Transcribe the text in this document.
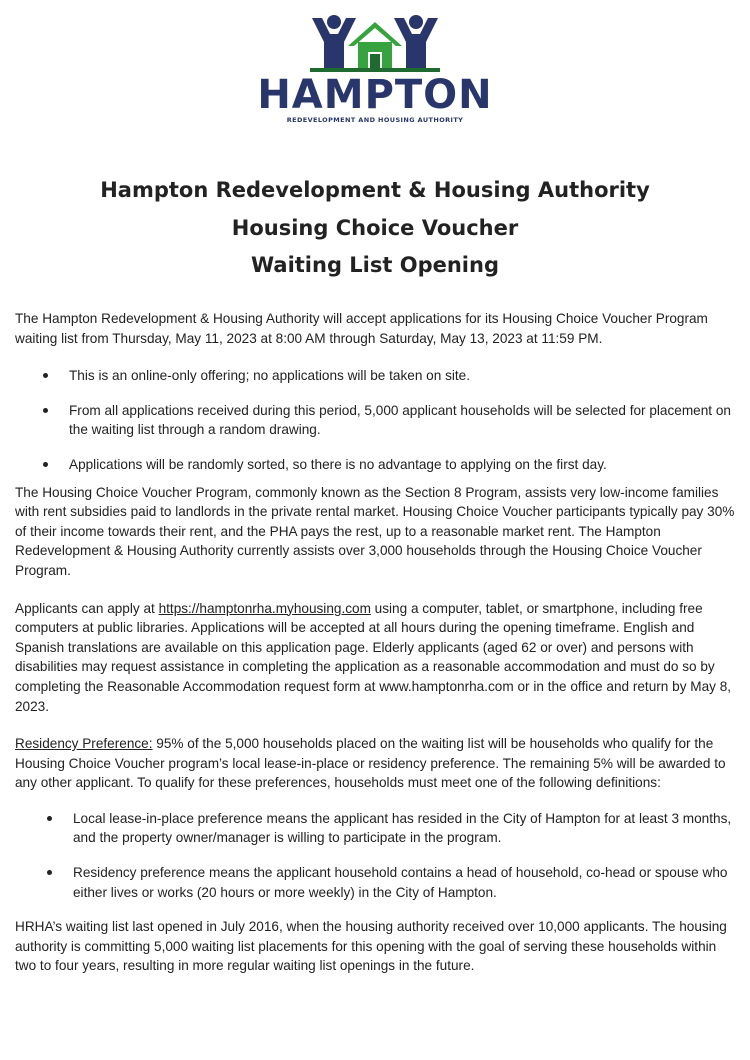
HAMPTON
REDEVELOPMENT AND HOUSING AUTHORITY
Hampton Redevelopment & Housing Authority
Housing Choice Voucher
Waiting List Opening

The Hampton Redevelopment & Housing Authority will accept applications for its Housing Choice Voucher Program waiting list from Thursday, May 11, 2023 at 8:00 AM through Saturday, May 13, 2023 at 11:59 PM.

This is an online-only offering; no applications will be taken on site.
From all applications received during this period, 5,000 applicant households will be selected for placement on the waiting list through a random drawing.
Applications will be randomly sorted, so there is no advantage to applying on the first day.

The Housing Choice Voucher Program, commonly known as the Section 8 Program, assists very low-income families with rent subsidies paid to landlords in the private rental market. Housing Choice Voucher participants typically pay 30% of their income towards their rent, and the PHA pays the rest, up to a reasonable market rent. The Hampton Redevelopment & Housing Authority currently assists over 3,000 households through the Housing Choice Voucher Program.

Applicants can apply at https://hamptonrha.myhousing.com using a computer, tablet, or smartphone, including free computers at public libraries. Applications will be accepted at all hours during the opening timeframe. English and Spanish translations are available on this application page. Elderly applicants (aged 62 or over) and persons with disabilities may request assistance in completing the application as a reasonable accommodation and must do so by completing the Reasonable Accommodation request form at www.hamptonrha.com or in the office and return by May 8, 2023.

Residency Preference: 95% of the 5,000 households placed on the waiting list will be households who qualify for the Housing Choice Voucher program’s local lease-in-place or residency preference. The remaining 5% will be awarded to any other applicant. To qualify for these preferences, households must meet one of the following definitions:

Local lease-in-place preference means the applicant has resided in the City of Hampton for at least 3 months, and the property owner/manager is willing to participate in the program.
Residency preference means the applicant household contains a head of household, co-head or spouse who either lives or works (20 hours or more weekly) in the City of Hampton.

HRHA’s waiting list last opened in July 2016, when the housing authority received over 10,000 applicants. The housing authority is committing 5,000 waiting list placements for this opening with the goal of serving these households within two to four years, resulting in more regular waiting list openings in the future.
